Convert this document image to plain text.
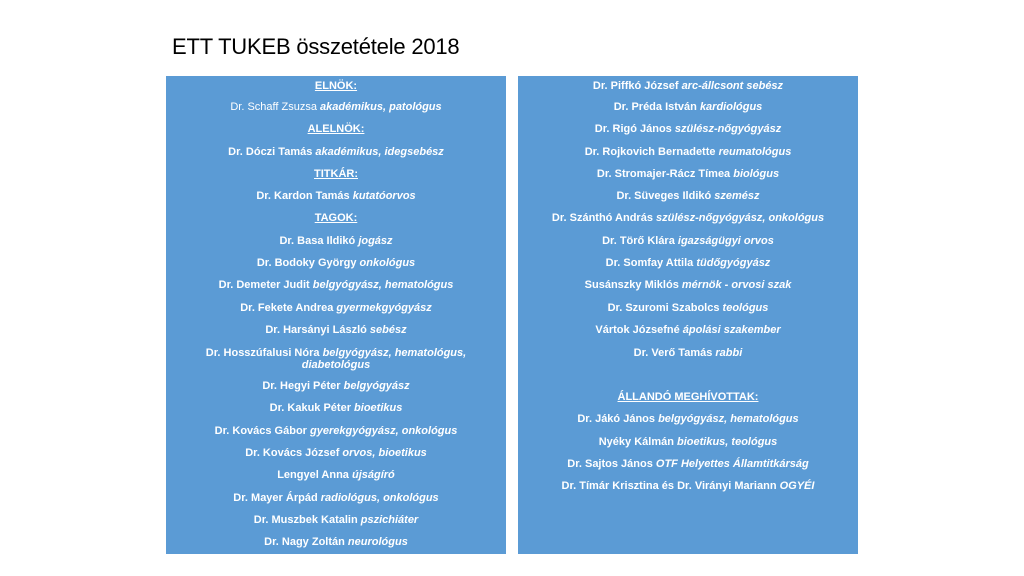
ETT TUKEB összetétele 2018
ELNÖK:
Dr. Schaff Zsuzsa akadémikus, patológus
ALELNÖK:
Dr. Dóczi Tamás akadémikus, idegsebész
TITKÁR:
Dr. Kardon Tamás kutatóorvos
TAGOK:
Dr. Basa Ildikó jogász
Dr. Bodoky György onkológus
Dr. Demeter Judit belgyógyász, hematológus
Dr. Fekete Andrea gyermekgyógyász
Dr. Harsányi László sebész
Dr. Hosszúfalusi Nóra belgyógyász, hematológus, diabetológus
Dr. Hegyi Péter belgyógyász
Dr. Kakuk Péter bioetikus
Dr. Kovács Gábor gyerekgyógyász, onkológus
Dr. Kovács József orvos, bioetikus
Lengyel Anna újságíró
Dr. Mayer Árpád radiológus, onkológus
Dr. Muszbek Katalin pszichiáter
Dr. Nagy Zoltán neurológus
Dr. Piffkó József arc-állcsont sebész
Dr. Préda István kardiológus
Dr. Rigó János szülész-nőgyógyász
Dr. Rojkovich Bernadette reumatológus
Dr. Stromajer-Rácz Tímea biológus
Dr. Süveges Ildikó szemész
Dr. Szánthó András szülész-nőgyógyász, onkológus
Dr. Törő Klára igazságügyi orvos
Dr. Somfay Attila tüdőgyógyász
Susánszky Miklós mérnök - orvosi szak
Dr. Szuromi Szabolcs teológus
Vártok Józsefné ápolási szakember
Dr. Verő Tamás rabbi
ÁLLANDÓ MEGHÍVOTTAK:
Dr. Jákó János belgyógyász, hematológus
Nyéky Kálmán bioetikus, teológus
Dr. Sajtos János OTF Helyettes Államtitkárság
Dr. Tímár Krisztina és Dr. Virányi Mariann OGYÉI
